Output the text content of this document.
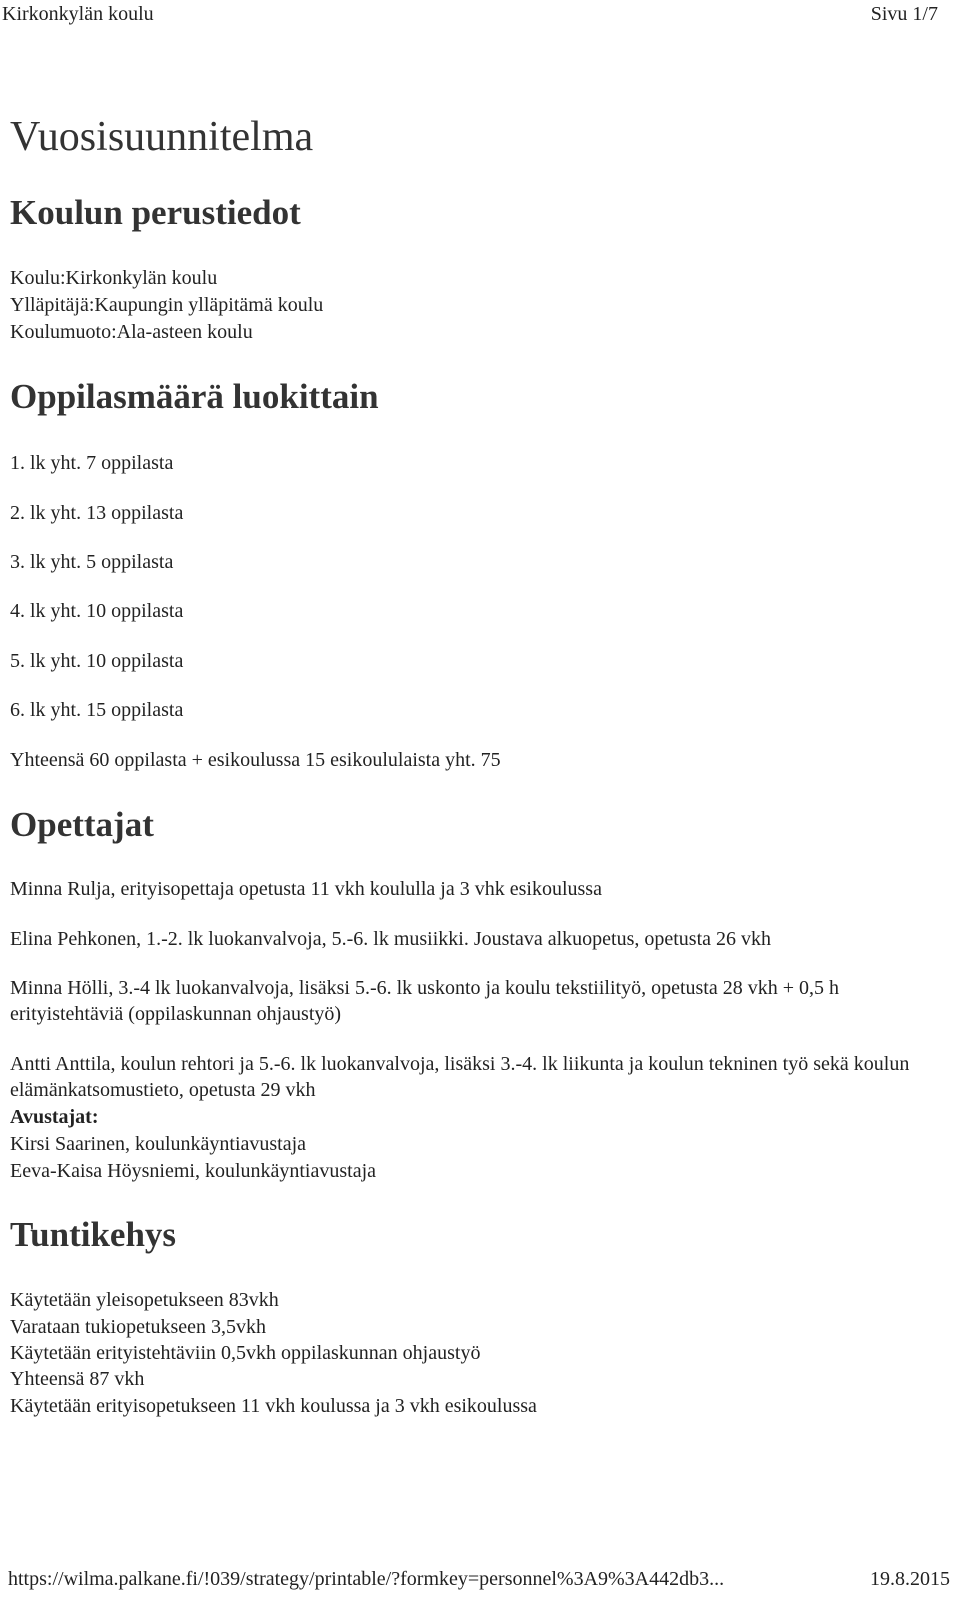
Kirkonkylän koulu	Sivu 1/7
Vuosisuunnitelma
Koulun perustiedot
Koulu:Kirkonkylän koulu
Ylläpitäjä:Kaupungin ylläpitämä koulu
Koulumuoto:Ala-asteen koulu
Oppilasmäärä luokittain
1. lk yht. 7 oppilasta
2. lk yht. 13 oppilasta
3. lk yht. 5 oppilasta
4. lk yht. 10 oppilasta
5. lk yht. 10 oppilasta
6. lk yht. 15 oppilasta
Yhteensä 60 oppilasta + esikoulussa 15 esikoululaista yht. 75
Opettajat
Minna Rulja, erityisopettaja opetusta 11 vkh koululla ja 3 vhk esikoulussa
Elina Pehkonen, 1.-2. lk luokanvalvoja, 5.-6. lk musiikki. Joustava alkuopetus, opetusta 26 vkh
Minna Hölli, 3.-4 lk luokanvalvoja, lisäksi 5.-6. lk uskonto ja koulu tekstiilityö, opetusta 28 vkh + 0,5 h erityistehtäviä (oppilaskunnan ohjaustyö)
Antti Anttila, koulun rehtori ja 5.-6. lk luokanvalvoja, lisäksi 3.-4. lk liikunta ja koulun tekninen työ sekä koulun elämänkatsomustieto, opetusta 29 vkh
Avustajat:
Kirsi Saarinen, koulunkäyntiavustaja
Eeva-Kaisa Höysniemi, koulunkäyntiavustaja
Tuntikehys
Käytetään yleisopetukseen 83vkh
Varataan tukiopetukseen 3,5vkh
Käytetään erityistehtäviin 0,5vkh oppilaskunnan ohjaustyö
Yhteensä 87 vkh
Käytetään erityisopetukseen 11 vkh koulussa ja 3 vkh esikoulussa
https://wilma.palkane.fi/!039/strategy/printable/?formkey=personnel%3A9%3A442db3...	19.8.2015
